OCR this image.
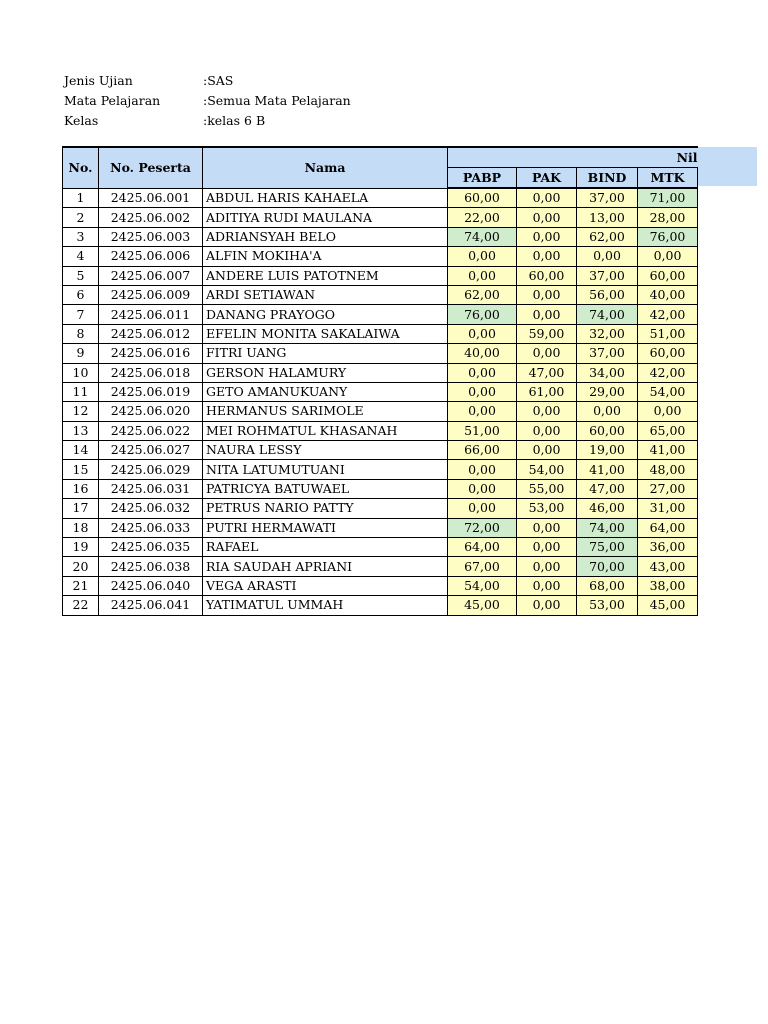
Jenis Ujian	:SAS
Mata Pelajaran	:Semua Mata Pelajaran
Kelas	:kelas 6 B
No.	No. Peserta	Nama	Nil			
			PABP	PAK	BIND	MTK
1	2425.06.001	ABDUL HARIS KAHAELA	60,00	0,00	37,00	71,00
2	2425.06.002	ADITIYA RUDI MAULANA	22,00	0,00	13,00	28,00
3	2425.06.003	ADRIANSYAH BELO	74,00	0,00	62,00	76,00
4	2425.06.006	ALFIN MOKIHA'A	0,00	0,00	0,00	0,00
5	2425.06.007	ANDERE LUIS PATOTNEM	0,00	60,00	37,00	60,00
6	2425.06.009	ARDI SETIAWAN	62,00	0,00	56,00	40,00
7	2425.06.011	DANANG PRAYOGO	76,00	0,00	74,00	42,00
8	2425.06.012	EFELIN MONITA SAKALAIWA	0,00	59,00	32,00	51,00
9	2425.06.016	FITRI UANG	40,00	0,00	37,00	60,00
10	2425.06.018	GERSON HALAMURY	0,00	47,00	34,00	42,00
11	2425.06.019	GETO AMANUKUANY	0,00	61,00	29,00	54,00
12	2425.06.020	HERMANUS SARIMOLE	0,00	0,00	0,00	0,00
13	2425.06.022	MEI ROHMATUL KHASANAH	51,00	0,00	60,00	65,00
14	2425.06.027	NAURA LESSY	66,00	0,00	19,00	41,00
15	2425.06.029	NITA LATUMUTUANI	0,00	54,00	41,00	48,00
16	2425.06.031	PATRICYA BATUWAEL	0,00	55,00	47,00	27,00
17	2425.06.032	PETRUS NARIO PATTY	0,00	53,00	46,00	31,00
18	2425.06.033	PUTRI HERMAWATI	72,00	0,00	74,00	64,00
19	2425.06.035	RAFAEL	64,00	0,00	75,00	36,00
20	2425.06.038	RIA SAUDAH APRIANI	67,00	0,00	70,00	43,00
21	2425.06.040	VEGA ARASTI	54,00	0,00	68,00	38,00
22	2425.06.041	YATIMATUL UMMAH	45,00	0,00	53,00	45,00
